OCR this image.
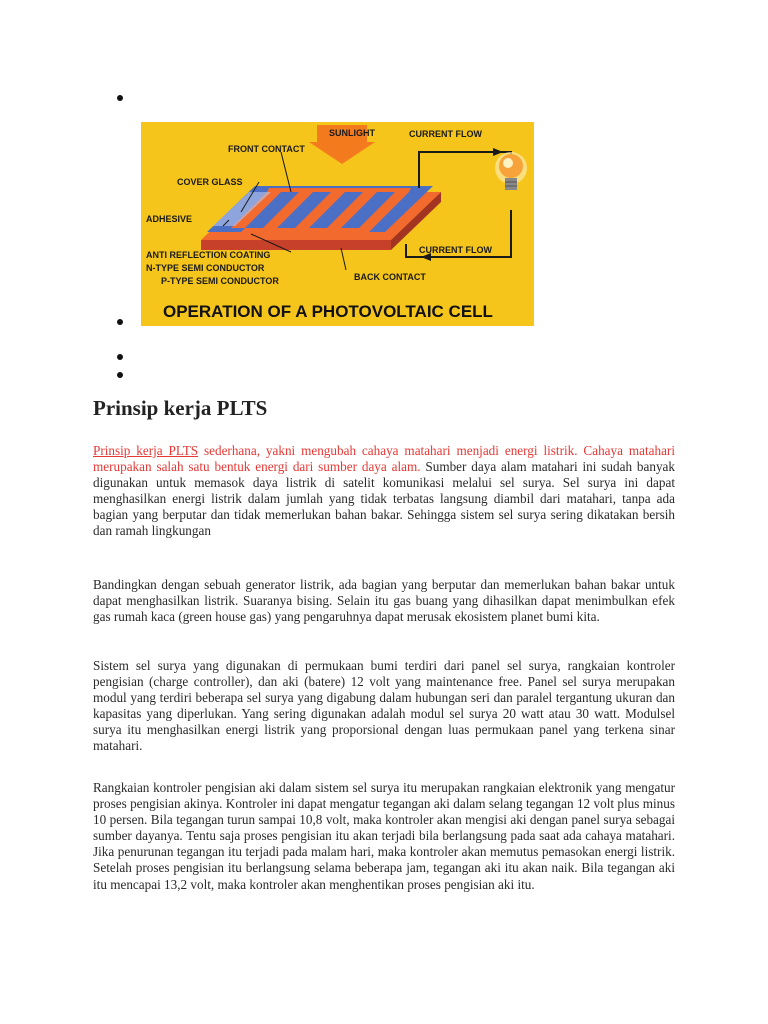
SUNLIGHT
FRONT CONTACT
CURRENT FLOW
COVER GLASS
ADHESIVE
CURRENT FLOW
ANTI REFLECTION COATING
BACK CONTACT
N-TYPE SEMI CONDUCTOR
P-TYPE SEMI CONDUCTOR
OPERATION OF A PHOTOVOLTAIC CELL
Prinsip kerja PLTS

Prinsip kerja PLTS sederhana, yakni mengubah cahaya matahari menjadi energi listrik. Cahaya matahari merupakan salah satu bentuk energi dari sumber daya alam. Sumber daya alam matahari ini sudah banyak digunakan untuk memasok daya listrik di satelit komunikasi melalui sel surya. Sel surya ini dapat menghasilkan energi listrik dalam jumlah yang tidak terbatas langsung diambil dari matahari, tanpa ada bagian yang berputar dan tidak memerlukan bahan bakar. Sehingga sistem sel surya sering dikatakan bersih dan ramah lingkungan

Bandingkan dengan sebuah generator listrik, ada bagian yang berputar dan memerlukan bahan bakar untuk dapat menghasilkan listrik. Suaranya bising. Selain itu gas buang yang dihasilkan dapat menimbulkan efek gas rumah kaca (green house gas) yang pengaruhnya dapat merusak ekosistem planet bumi kita.

Sistem sel surya yang digunakan di permukaan bumi terdiri dari panel sel surya, rangkaian kontroler pengisian (charge controller), dan aki (batere) 12 volt yang maintenance free. Panel sel surya merupakan modul yang terdiri beberapa sel surya yang digabung dalam hubungan seri dan paralel tergantung ukuran dan kapasitas yang diperlukan. Yang sering digunakan adalah modul sel surya 20 watt atau 30 watt. Modulsel surya itu menghasilkan energi listrik yang proporsional dengan luas permukaan panel yang terkena sinar matahari.

Rangkaian kontroler pengisian aki dalam sistem sel surya itu merupakan rangkaian elektronik yang mengatur proses pengisian akinya. Kontroler ini dapat mengatur tegangan aki dalam selang tegangan 12 volt plus minus 10 persen. Bila tegangan turun sampai 10,8 volt, maka kontroler akan mengisi aki dengan panel surya sebagai sumber dayanya. Tentu saja proses pengisian itu akan terjadi bila berlangsung pada saat ada cahaya matahari. Jika penurunan tegangan itu terjadi pada malam hari, maka kontroler akan memutus pemasokan energi listrik. Setelah proses pengisian itu berlangsung selama beberapa jam, tegangan aki itu akan naik. Bila tegangan aki itu mencapai 13,2 volt, maka kontroler akan menghentikan proses pengisian aki itu.
